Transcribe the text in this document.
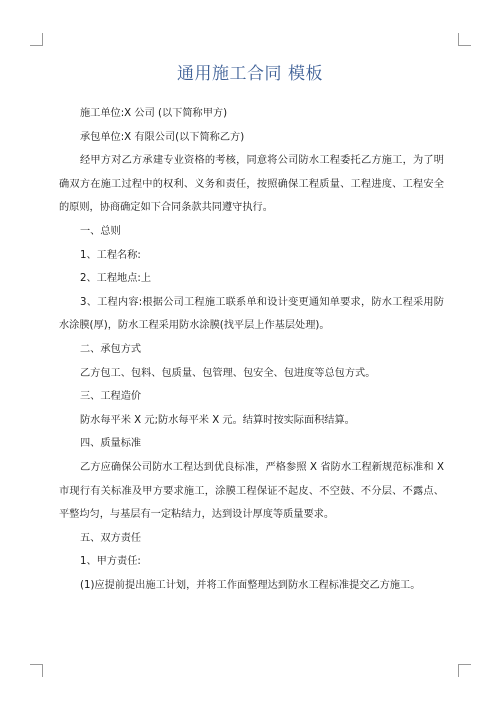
通用施工合同 模板

施工单位:X 公司 (以下简称甲方)

承包单位:X 有限公司(以下简称乙方)

经甲方对乙方承建专业资格的考核，同意将公司防水工程委托乙方施工，为了明确双方在施工过程中的权利、义务和责任，按照确保工程质量、工程进度、工程安全的原则，协商确定如下合同条款共同遵守执行。

一、总则

1、工程名称:

2、工程地点:上

3、工程内容:根据公司工程施工联系单和设计变更通知单要求，防水工程采用防水涂膜(厚)，防水工程采用防水涂膜(找平层上作基层处理)。

二、承包方式

乙方包工、包料、包质量、包管理、包安全、包进度等总包方式。

三、工程造价

防水每平米 X 元;防水每平米 X 元。结算时按实际面积结算。

四、质量标准

乙方应确保公司防水工程达到优良标准，严格参照 X 省防水工程新规范标准和 X 市现行有关标准及甲方要求施工，涂膜工程保证不起皮、不空鼓、不分层、不露点、平整均匀，与基层有一定粘结力，达到设计厚度等质量要求。

五、双方责任

1、甲方责任:

(1)应提前提出施工计划，并将工作面整理达到防水工程标准提交乙方施工。
